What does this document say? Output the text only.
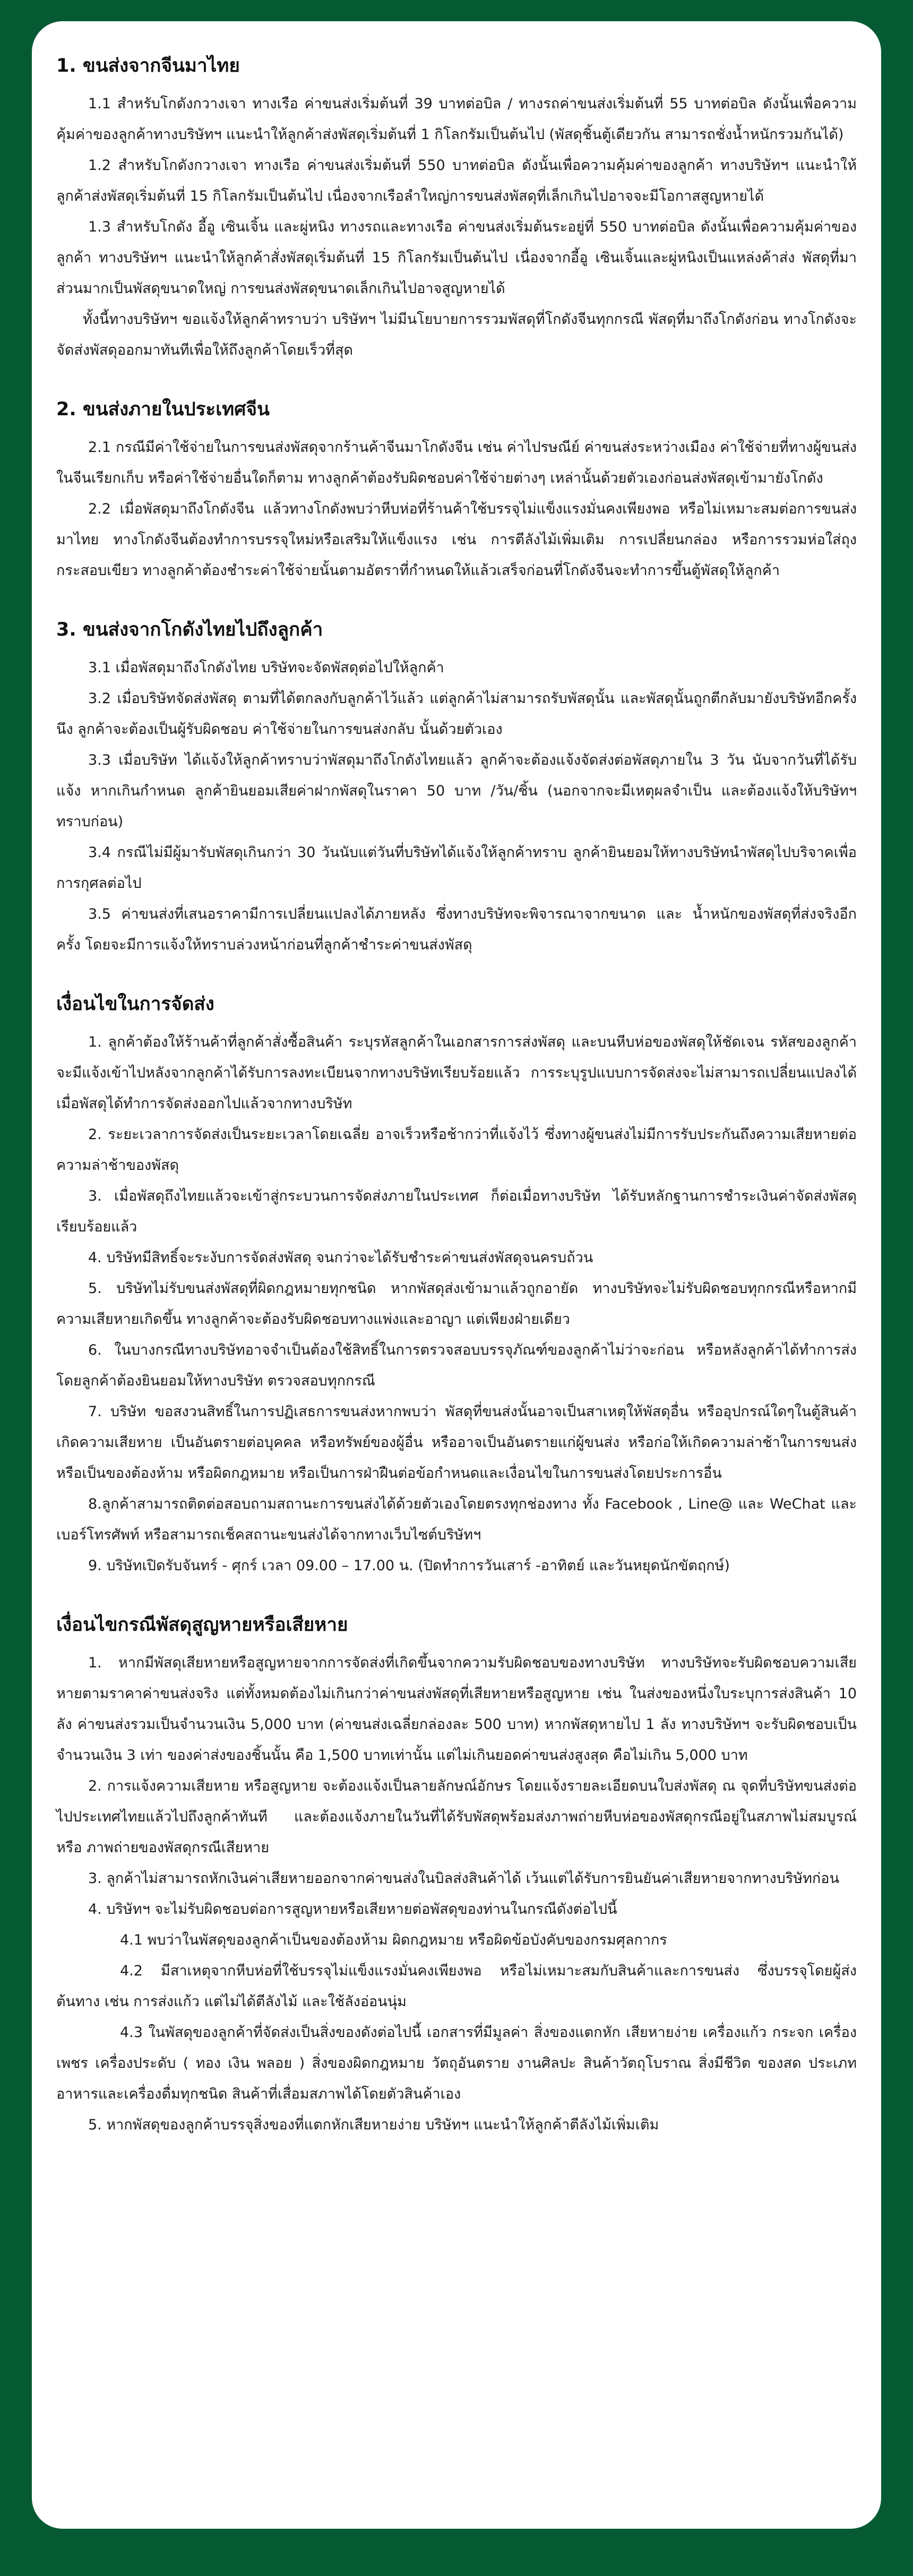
1. ขนส่งจากจีนมาไทย

1.1 สำหรับโกดังกวางเจา ทางเรือ ค่าขนส่งเริ่มต้นที่ 39 บาทต่อบิล / ทางรถค่าขนส่งเริ่มต้นที่ 55 บาทต่อบิล ดังนั้นเพื่อความคุ้มค่าของลูกค้าทางบริษัทฯ แนะนำให้ลูกค้าส่งพัสดุเริ่มต้นที่ 1 กิโลกรัมเป็นต้นไป (พัสดุชิ้นตู้เดียวกัน สามารถชั่งน้ำหนักรวมกันได้)

1.2 สำหรับโกดังกวางเจา ทางเรือ ค่าขนส่งเริ่มต้นที่ 550 บาทต่อบิล ดังนั้นเพื่อความคุ้มค่าของลูกค้า ทางบริษัทฯ แนะนำให้ลูกค้าส่งพัสดุเริ่มต้นที่ 15 กิโลกรัมเป็นต้นไป เนื่องจากเรือลำใหญ่การขนส่งพัสดุที่เล็กเกินไปอาจจะมีโอกาสสูญหายได้

1.3 สำหรับโกดัง อี้อู เซินเจิ้น และผู่หนิง ทางรถและทางเรือ ค่าขนส่งเริ่มต้นระอยู่ที่ 550 บาทต่อบิล ดังนั้นเพื่อความคุ้มค่าของลูกค้า ทางบริษัทฯ แนะนำให้ลูกค้าสั่งพัสดุเริ่มต้นที่ 15 กิโลกรัมเป็นต้นไป เนื่องจากอี้อู เซินเจิ้นและผู่หนิงเป็นแหล่งค้าส่ง พัสดุที่มาส่วนมากเป็นพัสดุขนาดใหญ่ การขนส่งพัสดุขนาดเล็กเกินไปอาจสูญหายได้

ทั้งนี้ทางบริษัทฯ ขอแจ้งให้ลูกค้าทราบว่า บริษัทฯ ไม่มีนโยบายการรวมพัสดุที่โกดังจีนทุกกรณี พัสดุที่มาถึงโกดังก่อน ทางโกดังจะจัดส่งพัสดุออกมาทันทีเพื่อให้ถึงลูกค้าโดยเร็วที่สุด

2. ขนส่งภายในประเทศจีน

2.1 กรณีมีค่าใช้จ่ายในการขนส่งพัสดุจากร้านค้าจีนมาโกดังจีน เช่น ค่าไปรษณีย์ ค่าขนส่งระหว่างเมือง ค่าใช้จ่ายที่ทางผู้ขนส่งในจีนเรียกเก็บ หรือค่าใช้จ่ายอื่นใดก็ตาม ทางลูกค้าต้องรับผิดชอบค่าใช้จ่ายต่างๆ เหล่านั้นด้วยตัวเองก่อนส่งพัสดุเข้ามายังโกดัง

2.2 เมื่อพัสดุมาถึงโกดังจีน แล้วทางโกดังพบว่าหีบห่อที่ร้านค้าใช้บรรจุไม่แข็งแรงมั่นคงเพียงพอ หรือไม่เหมาะสมต่อการขนส่งมาไทย ทางโกดังจีนต้องทำการบรรจุใหม่หรือเสริมให้แข็งแรง เช่น การตีลังไม้เพิ่มเติม การเปลี่ยนกล่อง หรือการรวมห่อใส่ถุงกระสอบเขียว ทางลูกค้าต้องชำระค่าใช้จ่ายนั้นตามอัตราที่กำหนดให้แล้วเสร็จก่อนที่โกดังจีนจะทำการขึ้นตู้พัสดุให้ลูกค้า

3. ขนส่งจากโกดังไทยไปถึงลูกค้า

3.1 เมื่อพัสดุมาถึงโกดังไทย บริษัทจะจัดพัสดุต่อไปให้ลูกค้า

3.2 เมื่อบริษัทจัดส่งพัสดุ ตามที่ได้ตกลงกับลูกค้าไว้แล้ว แต่ลูกค้าไม่สามารถรับพัสดุนั้น และพัสดุนั้นถูกตีกลับมายังบริษัทอีกครั้งนึง ลูกค้าจะต้องเป็นผู้รับผิดชอบ ค่าใช้จ่ายในการขนส่งกลับ นั้นด้วยตัวเอง

3.3 เมื่อบริษัท ได้แจ้งให้ลูกค้าทราบว่าพัสดุมาถึงโกดังไทยแล้ว ลูกค้าจะต้องแจ้งจัดส่งต่อพัสดุภายใน 3 วัน นับจากวันที่ได้รับแจ้ง หากเกินกำหนด ลูกค้ายินยอมเสียค่าฝากพัสดุในราคา 50 บาท /วัน/ชิ้น (นอกจากจะมีเหตุผลจำเป็น และต้องแจ้งให้บริษัทฯ ทราบก่อน)

3.4 กรณีไม่มีผู้มารับพัสดุเกินกว่า 30 วันนับแต่วันที่บริษัทได้แจ้งให้ลูกค้าทราบ ลูกค้ายินยอมให้ทางบริษัทนำพัสดุไปบริจาคเพื่อการกุศลต่อไป

3.5 ค่าขนส่งที่เสนอราคามีการเปลี่ยนแปลงได้ภายหลัง ซึ่งทางบริษัทจะพิจารณาจากขนาด และ น้ำหนักของพัสดุที่ส่งจริงอีกครั้ง โดยจะมีการแจ้งให้ทราบล่วงหน้าก่อนที่ลูกค้าชำระค่าขนส่งพัสดุ

เงื่อนไขในการจัดส่ง

1. ลูกค้าต้องให้ร้านค้าที่ลูกค้าสั่งซื้อสินค้า ระบุรหัสลูกค้าในเอกสารการส่งพัสดุ และบนหีบห่อของพัสดุให้ชัดเจน รหัสของลูกค้าจะมีแจ้งเข้าไปหลังจากลูกค้าได้รับการลงทะเบียนจากทางบริษัทเรียบร้อยแล้ว การระบุรูปแบบการจัดส่งจะไม่สามารถเปลี่ยนแปลงได้ เมื่อพัสดุได้ทำการจัดส่งออกไปแล้วจากทางบริษัท

2. ระยะเวลาการจัดส่งเป็นระยะเวลาโดยเฉลี่ย อาจเร็วหรือช้ากว่าที่แจ้งไว้ ซึ่งทางผู้ขนส่งไม่มีการรับประกันถึงความเสียหายต่อความล่าช้าของพัสดุ

3. เมื่อพัสดุถึงไทยแล้วจะเข้าสู่กระบวนการจัดส่งภายในประเทศ ก็ต่อเมื่อทางบริษัท ได้รับหลักฐานการชำระเงินค่าจัดส่งพัสดุเรียบร้อยแล้ว

4. บริษัทมีสิทธิ์จะระงับการจัดส่งพัสดุ จนกว่าจะได้รับชำระค่าขนส่งพัสดุจนครบถ้วน

5. บริษัทไม่รับขนส่งพัสดุที่ผิดกฎหมายทุกชนิด หากพัสดุส่งเข้ามาแล้วถูกอายัด ทางบริษัทจะไม่รับผิดชอบทุกกรณีหรือหากมีความเสียหายเกิดขึ้น ทางลูกค้าจะต้องรับผิดชอบทางแพ่งและอาญา แต่เพียงฝ่ายเดียว

6. ในบางกรณีทางบริษัทอาจจำเป็นต้องใช้สิทธิ์ในการตรวจสอบบรรจุภัณฑ์ของลูกค้าไม่ว่าจะก่อน หรือหลังลูกค้าได้ทำการส่ง โดยลูกค้าต้องยินยอมให้ทางบริษัท ตรวจสอบทุกกรณี

7. บริษัท ขอสงวนสิทธิ์ในการปฏิเสธการขนส่งหากพบว่า พัสดุที่ขนส่งนั้นอาจเป็นสาเหตุให้พัสดุอื่น หรืออุปกรณ์ใดๆในตู้สินค้าเกิดความเสียหาย เป็นอันตรายต่อบุคคล หรือทรัพย์ของผู้อื่น หรืออาจเป็นอันตรายแก่ผู้ขนส่ง หรือก่อให้เกิดความล่าช้าในการขนส่ง หรือเป็นของต้องห้าม หรือผิดกฎหมาย หรือเป็นการฝ่าฝืนต่อข้อกำหนดและเงื่อนไขในการขนส่งโดยประการอื่น

8.ลูกค้าสามารถติดต่อสอบถามสถานะการขนส่งได้ด้วยตัวเองโดยตรงทุกช่องทาง ทั้ง Facebook , Line@ และ WeChat และเบอร์โทรศัพท์ หรือสามารถเช็คสถานะขนส่งได้จากทางเว็บไซต์บริษัทฯ

9. บริษัทเปิดรับจันทร์ - ศุกร์ เวลา 09.00 – 17.00 น. (ปิดทำการวันเสาร์ -อาทิตย์ และวันหยุดนักขัตฤกษ์)

เงื่อนไขกรณีพัสดุสูญหายหรือเสียหาย

1. หากมีพัสดุเสียหายหรือสูญหายจากการจัดส่งที่เกิดขึ้นจากความรับผิดชอบของทางบริษัท ทางบริษัทจะรับผิดชอบความเสียหายตามราคาค่าขนส่งจริง แต่ทั้งหมดต้องไม่เกินกว่าค่าขนส่งพัสดุที่เสียหายหรือสูญหาย เช่น ในส่งของหนึ่งใบระบุการส่งสินค้า 10 ลัง ค่าขนส่งรวมเป็นจำนวนเงิน 5,000 บาท (ค่าขนส่งเฉลี่ยกล่องละ 500 บาท) หากพัสดุหายไป 1 ลัง ทางบริษัทฯ จะรับผิดชอบเป็นจำนวนเงิน 3 เท่า ของค่าส่งของชิ้นนั้น คือ 1,500 บาทเท่านั้น แต่ไม่เกินยอดค่าขนส่งสูงสุด คือไม่เกิน 5,000 บาท

2. การแจ้งความเสียหาย หรือสูญหาย จะต้องแจ้งเป็นลายลักษณ์อักษร โดยแจ้งรายละเอียดบนใบส่งพัสดุ ณ จุดที่บริษัทขนส่งต่อไปประเทศไทยแล้วไปถึงลูกค้าทันที และต้องแจ้งภายในวันที่ได้รับพัสดุพร้อมส่งภาพถ่ายหีบห่อของพัสดุกรณีอยู่ในสภาพไม่สมบูรณ์ หรือ ภาพถ่ายของพัสดุกรณีเสียหาย

3. ลูกค้าไม่สามารถหักเงินค่าเสียหายออกจากค่าขนส่งในบิลส่งสินค้าได้ เว้นแต่ได้รับการยินยันค่าเสียหายจากทางบริษัทก่อน

4. บริษัทฯ จะไม่รับผิดชอบต่อการสูญหายหรือเสียหายต่อพัสดุของท่านในกรณีดังต่อไปนี้

4.1 พบว่าในพัสดุของลูกค้าเป็นของต้องห้าม ผิดกฎหมาย หรือผิดข้อบังคับของกรมศุลกากร

4.2 มีสาเหตุจากหีบห่อที่ใช้บรรจุไม่แข็งแรงมั่นคงเพียงพอ หรือไม่เหมาะสมกับสินค้าและการขนส่ง ซึ่งบรรจุโดยผู้ส่ง ต้นทาง เช่น การส่งแก้ว แต่ไม่ได้ตีลังไม้ และใช้ลังอ่อนนุ่ม

4.3 ในพัสดุของลูกค้าที่จัดส่งเป็นสิ่งของดังต่อไปนี้ เอกสารที่มีมูลค่า สิ่งของแตกหัก เสียหายง่าย เครื่องแก้ว กระจก เครื่องเพชร เครื่องประดับ ( ทอง เงิน พลอย ) สิ่งของผิดกฎหมาย วัตถุอันตราย งานศิลปะ สินค้าวัตถุโบราณ สิ่งมีชีวิต ของสด ประเภท อาหารและเครื่องดื่มทุกชนิด สินค้าที่เสื่อมสภาพได้โดยตัวสินค้าเอง

5. หากพัสดุของลูกค้าบรรจุสิ่งของที่แตกหักเสียหายง่าย บริษัทฯ แนะนำให้ลูกค้าตีลังไม้เพิ่มเติม
